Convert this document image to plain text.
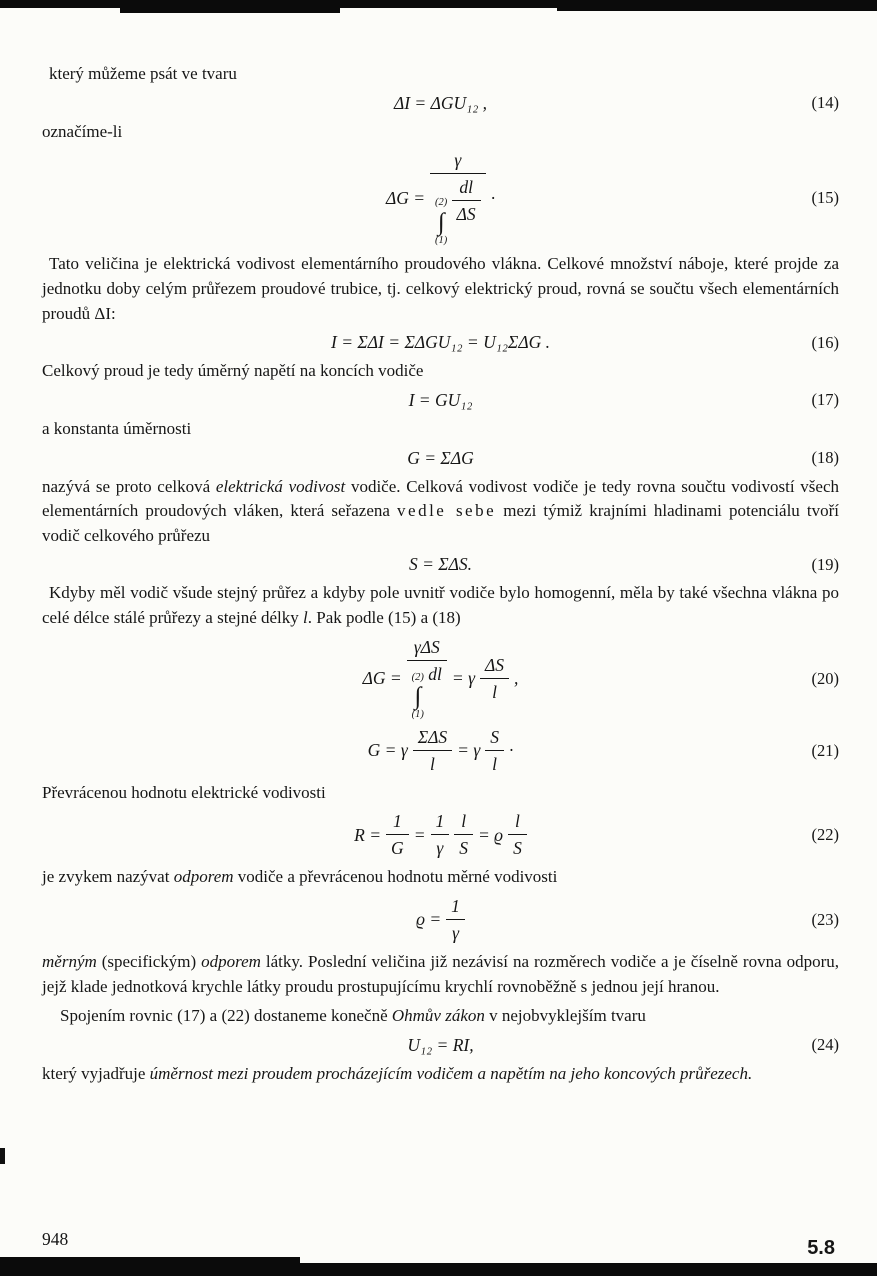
který můžeme psát ve tvaru

ΔI = ΔGU₁₂ ,	(14)

označíme-li

ΔG =
γ
(2)
∫
(1)

$\frac{dl}{\Delta S}$ ·	(15)

Tato veličina je elektrická vodivost elementárního proudového vlákna. Celkové množství náboje, které projde za jednotku doby celým průřezem proudové trubice, tj. celkový elektrický proud, rovná se součtu všech elementárních proudů ΔI:

I = ΣΔI = ΣΔGU₁₂ = U₁₂ΣΔG .	(16)

Celkový proud je tedy úměrný napětí na koncích vodiče

I = GU₁₂	(17)

a konstanta úměrnosti

G = ΣΔG	(18)

nazývá se proto celková elektrická vodivost vodiče. Celková vodivost vodiče je tedy rovna součtu vodivostí všech elementárních proudových vláken, která seřazena vedle sebe mezi týmiž krajními hladinami potenciálu tvoří vodič celkového průřezu

S = ΣΔS.	(19)

Kdyby měl vodič všude stejný průřez a kdyby pole uvnitř vodiče bylo homogenní, měla by také všechna vlákna po celé délce stálé průřezy a stejné délky l. Pak podle (15) a (18)

ΔG =
γΔS
(2)
∫
(1)
dl = γ $\frac{\Delta S}{l}$ ,	(20)
G = γ $\frac{\text{ΣΔS}}{l} = \gamma \frac{S}{l}$ ·	(21)

Převrácenou hodnotu elektrické vodivosti

$R = \frac{1}{G} = \frac{1}{\gamma} \frac{l}{S} = ϱ \frac{l}{S}$	(22)

je zvykem nazývat odporem vodiče a převrácenou hodnotu měrné vodivosti

$ϱ = \frac{1}{\gamma}$	(23)

měrným (specifickým) odporem látky. Poslední veličina již nezávisí na rozměrech vodiče a je číselně rovna odporu, jejž klade jednotková krychle látky proudu prostupujícímu krychlí rovnoběžně s jednou její hranou.

Spojením rovnic (17) a (22) dostaneme konečně Ohmův zákon v nejobvyklejším tvaru

U₁₂ = RI,	(24)

který vyjadřuje úměrnost mezi proudem procházejícím vodičem a napětím na jeho koncových průřezech.

948	5.8
